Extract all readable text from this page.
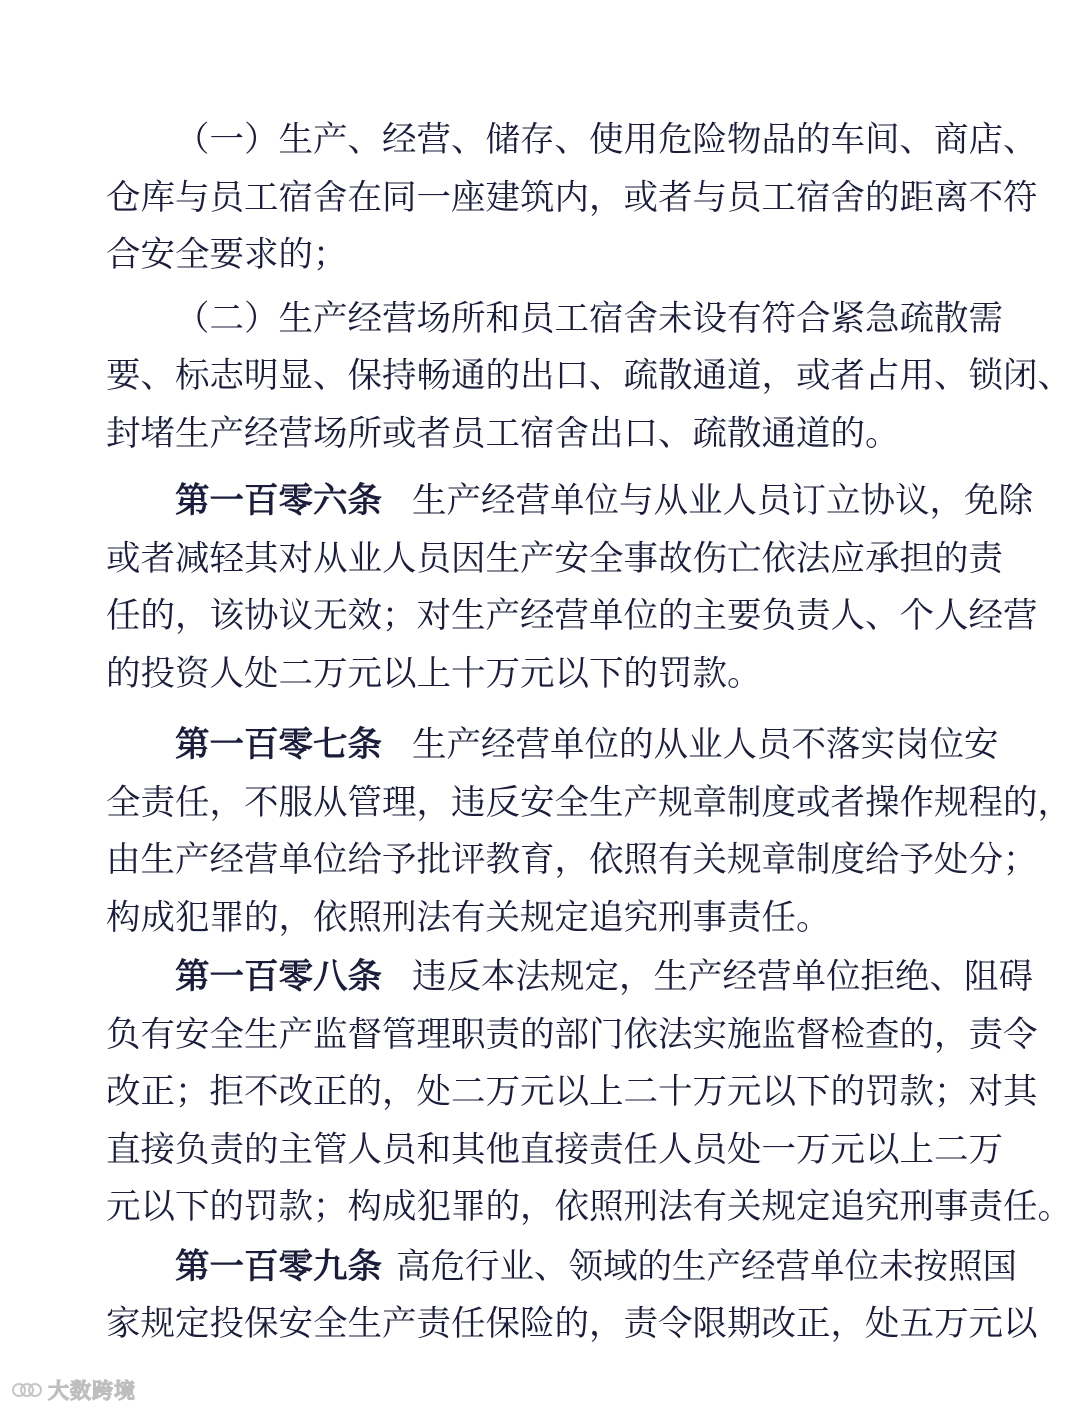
（一）生产、经营、储存、使用危险物品的车间、商店、
仓库与员工宿舍在同一座建筑内，或者与员工宿舍的距离不符
合安全要求的；
（二）生产经营场所和员工宿舍未设有符合紧急疏散需
要、标志明显、保持畅通的出口、疏散通道，或者占用、锁闭、
封堵生产经营场所或者员工宿舍出口、疏散通道的。
第一百零六条 生产经营单位与从业人员订立协议，免除
或者减轻其对从业人员因生产安全事故伤亡依法应承担的责
任的，该协议无效；对生产经营单位的主要负责人、个人经营
的投资人处二万元以上十万元以下的罚款。
第一百零七条 生产经营单位的从业人员不落实岗位安
全责任，不服从管理，违反安全生产规章制度或者操作规程的，
由生产经营单位给予批评教育，依照有关规章制度给予处分；
构成犯罪的，依照刑法有关规定追究刑事责任。
第一百零八条 违反本法规定，生产经营单位拒绝、阻碍
负有安全生产监督管理职责的部门依法实施监督检查的，责令
改正；拒不改正的，处二万元以上二十万元以下的罚款；对其
直接负责的主管人员和其他直接责任人员处一万元以上二万
元以下的罚款；构成犯罪的，依照刑法有关规定追究刑事责任。
第一百零九条 高危行业、领域的生产经营单位未按照国
家规定投保安全生产责任保险的，责令限期改正，处五万元以
大数跨境
